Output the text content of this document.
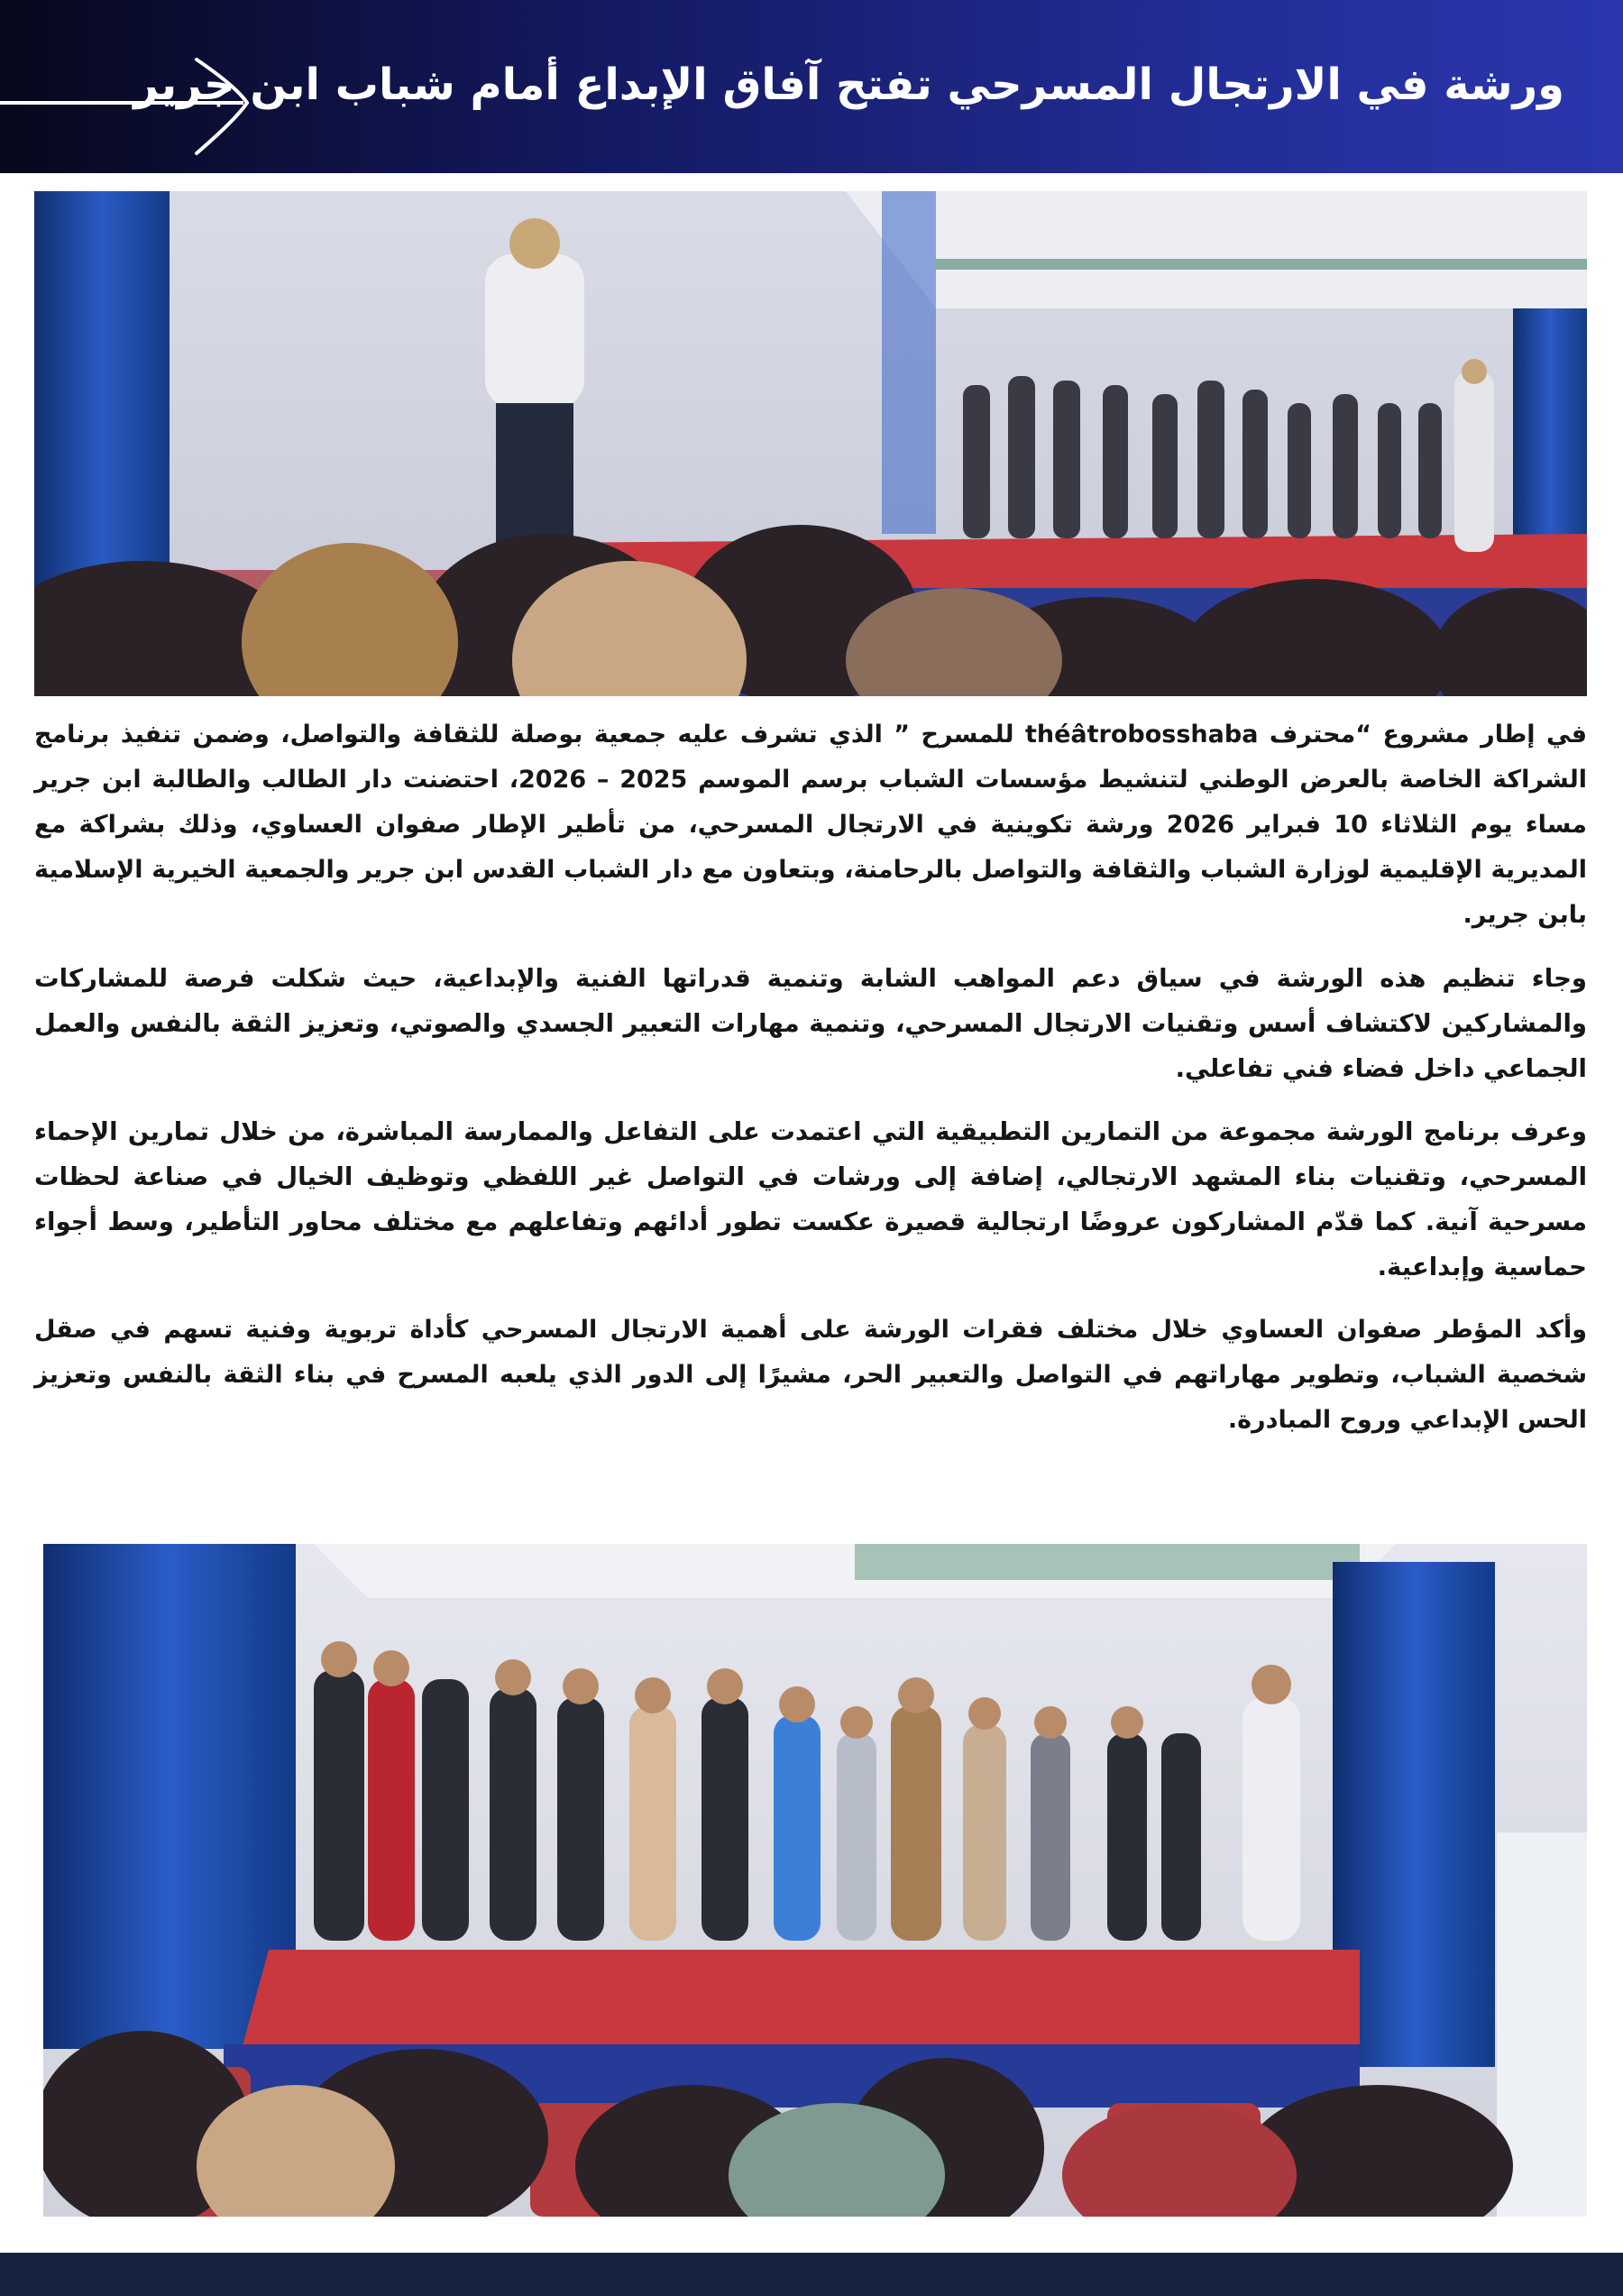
ورشة في الارتجال المسرحي تفتح آفاق الإبداع أمام شباب ابن جرير

في إطار مشروع “محترف théâtrobosshaba للمسرح ” الذي تشرف عليه جمعية بوصلة للثقافة والتواصل، وضمن تنفيذ برنامج الشراكة الخاصة بالعرض الوطني لتنشيط مؤسسات الشباب برسم الموسم 2025 – 2026، احتضنت دار الطالب والطالبة ابن جرير مساء يوم الثلاثاء 10 فبراير 2026 ورشة تكوينية في الارتجال المسرحي، من تأطير الإطار صفوان العساوي، وذلك بشراكة مع المديرية الإقليمية لوزارة الشباب والثقافة والتواصل بالرحامنة، وبتعاون مع دار الشباب القدس ابن جرير والجمعية الخيرية الإسلامية بابن جرير.

وجاء تنظيم هذه الورشة في سياق دعم المواهب الشابة وتنمية قدراتها الفنية والإبداعية، حيث شكلت فرصة للمشاركات والمشاركين لاكتشاف أسس وتقنيات الارتجال المسرحي، وتنمية مهارات التعبير الجسدي والصوتي، وتعزيز الثقة بالنفس والعمل الجماعي داخل فضاء فني تفاعلي.

وعرف برنامج الورشة مجموعة من التمارين التطبيقية التي اعتمدت على التفاعل والممارسة المباشرة، من خلال تمارين الإحماء المسرحي، وتقنيات بناء المشهد الارتجالي، إضافة إلى ورشات في التواصل غير اللفظي وتوظيف الخيال في صناعة لحظات مسرحية آنية. كما قدّم المشاركون عروضًا ارتجالية قصيرة عكست تطور أدائهم وتفاعلهم مع مختلف محاور التأطير، وسط أجواء حماسية وإبداعية.

وأكد المؤطر صفوان العساوي خلال مختلف فقرات الورشة على أهمية الارتجال المسرحي كأداة تربوية وفنية تسهم في صقل شخصية الشباب، وتطوير مهاراتهم في التواصل والتعبير الحر، مشيرًا إلى الدور الذي يلعبه المسرح في بناء الثقة بالنفس وتعزيز الحس الإبداعي وروح المبادرة.
